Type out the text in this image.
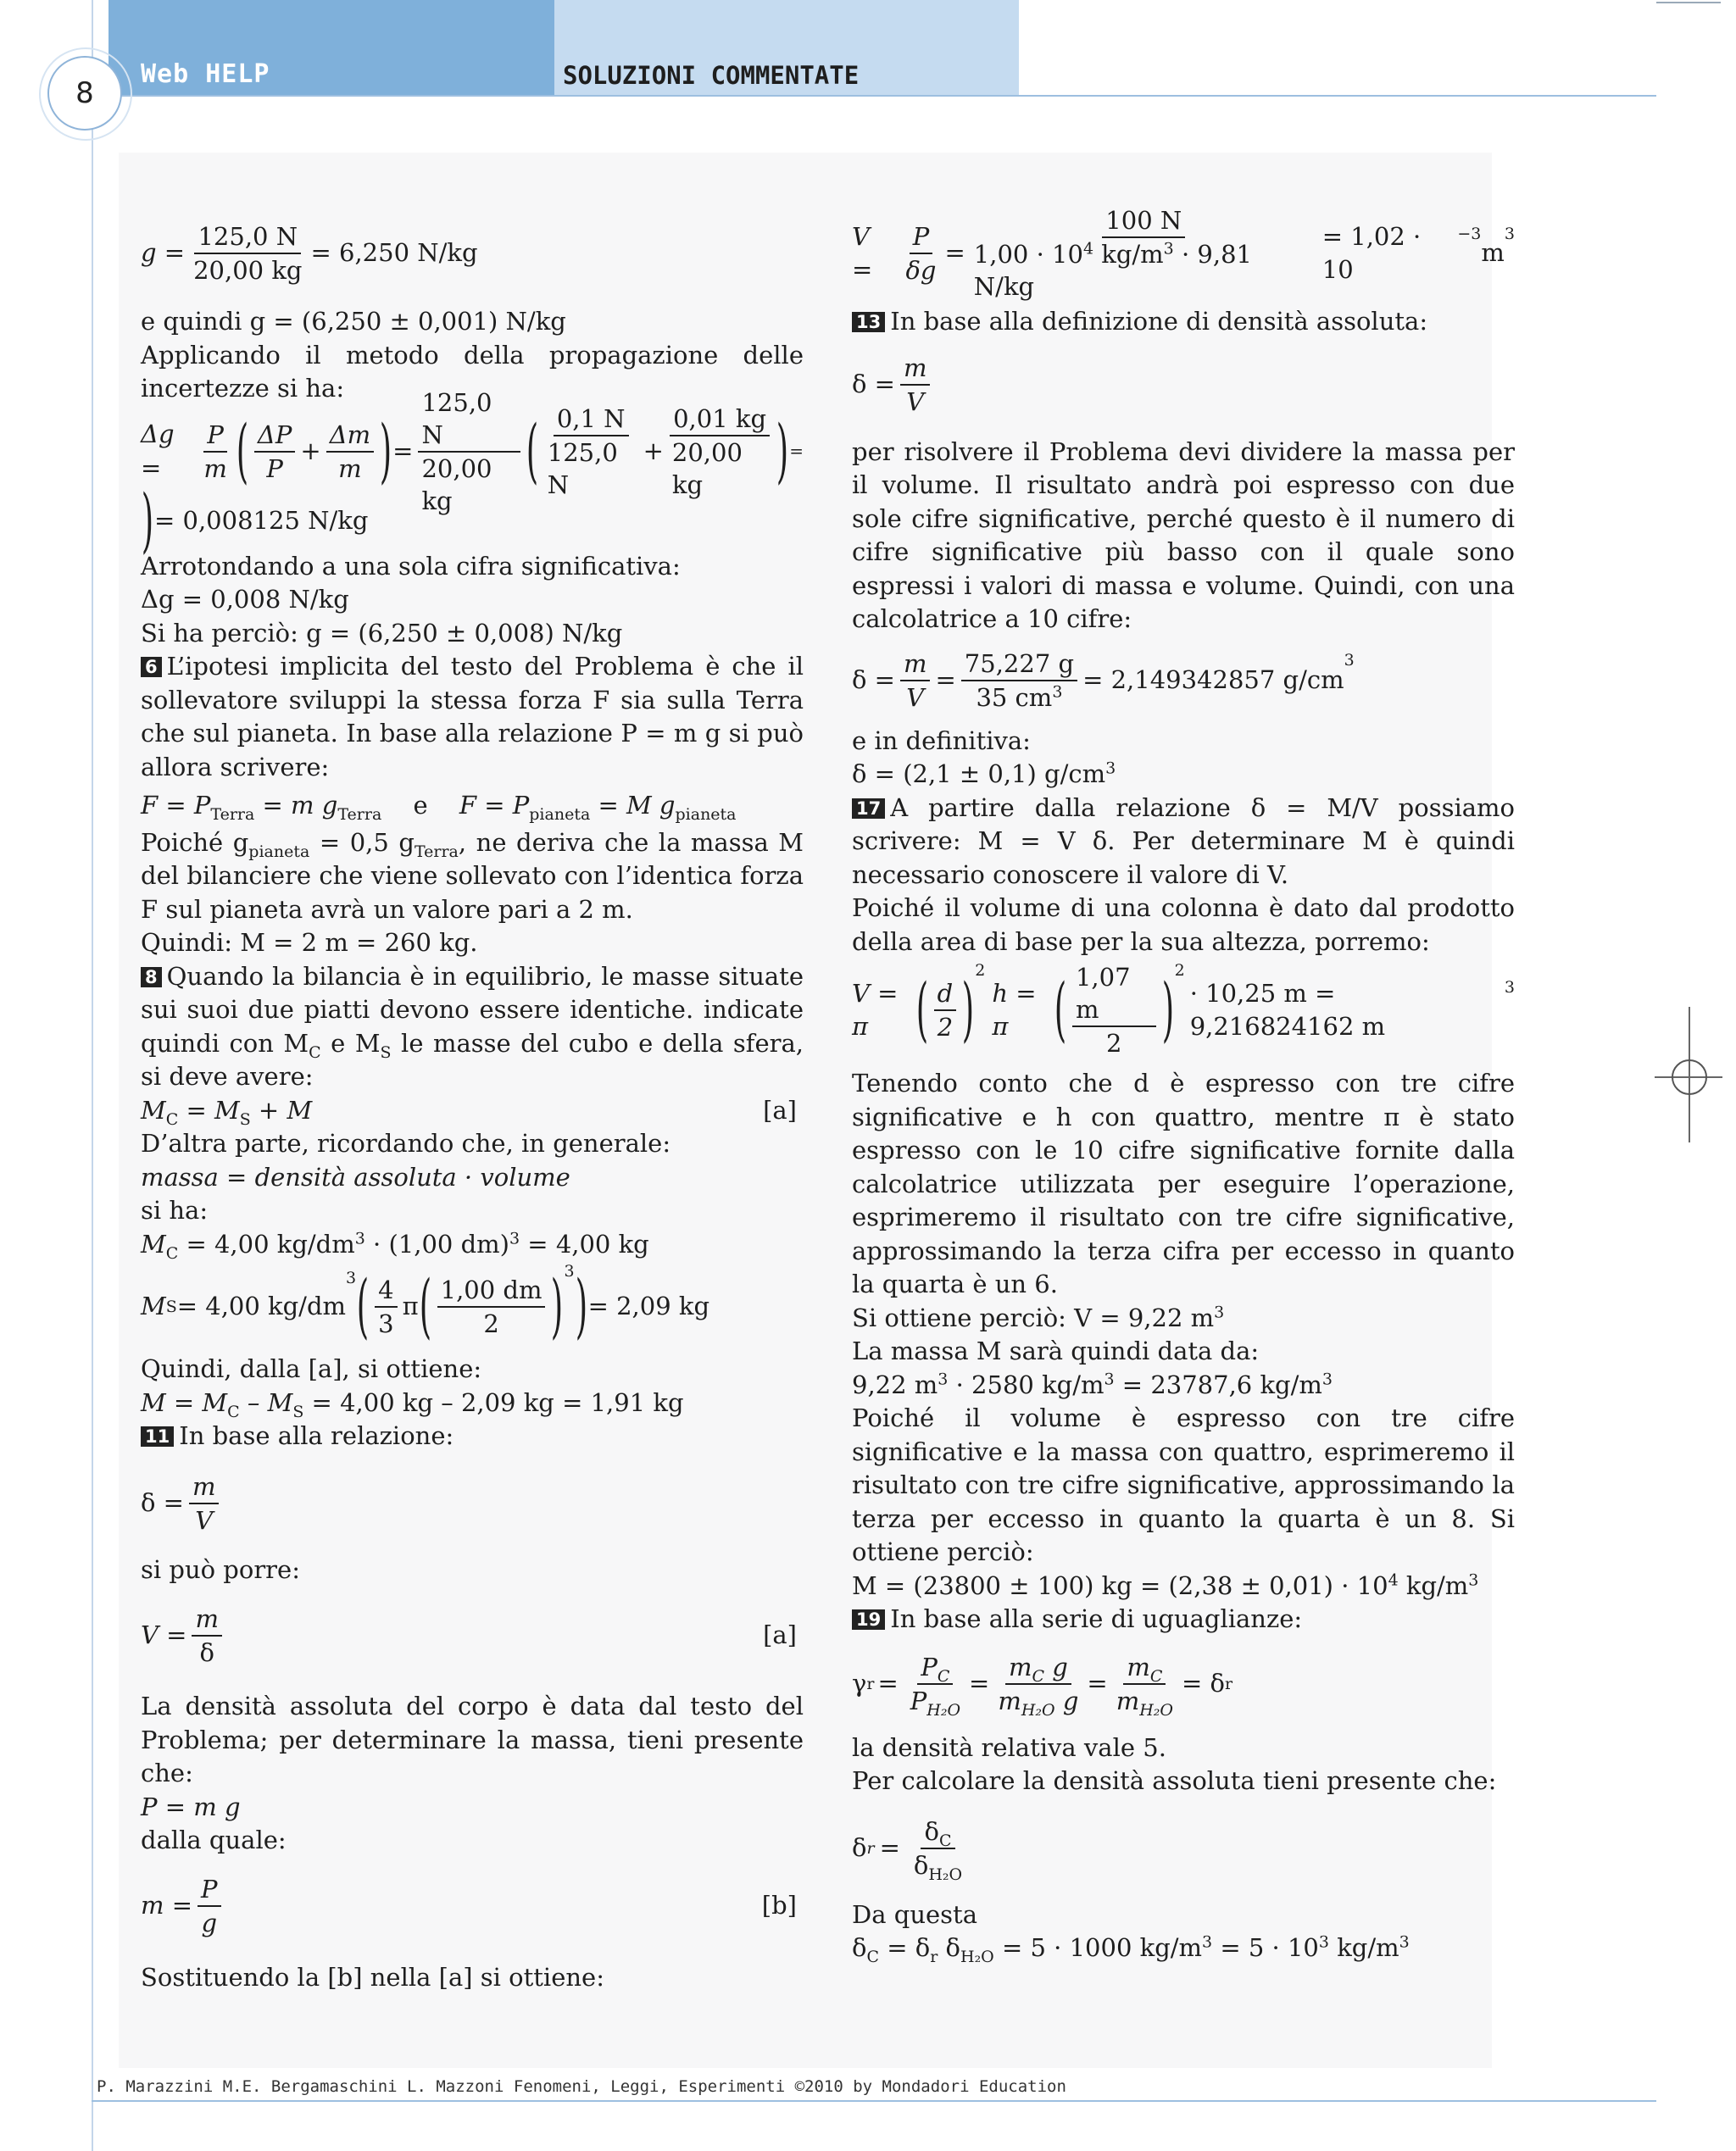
8
Web HELP	SOLUZIONI COMMENTATE
P. Marazzini M.E. Bergamaschini L. Mazzoni Fenomeni, Leggi, Esperimenti ©2010 by Mondadori Education
$g = \frac{125,0 N}{20,00 kg} = 6,250$ N/kg

e quindi g = (6,250 ± 0,001) N/kg

Applicando il metodo della propagazione delle incertezze si ha:

Δg =	$\frac{P}{m}$ ( $\frac{\Delta P}{P} + \frac{\Delta m}{m}$ ) = $\frac{125,0 N}{20,00 kg}$ ( $\frac{0,1 N}{125,0 N} + \frac{0,01 kg}{20,00 kg}$ ) =
) = 0,008125 N/kg

Arrotondando a una sola cifra significativa:

Δg = 0,008 N/kg

Si ha perciò: g = (6,250 ± 0,008) N/kg

6 L’ipotesi implicita del testo del Problema è che il sollevatore sviluppi la stessa forza F sia sulla Terra che sul pianeta. In base alla relazione P = m g si può allora scrivere:

$F = P_{Terra} = m$ $g_{Terra}$ e $F = P_{pianeta} = M$ $g_{pianeta}$

Poiché $g_{pianeta} = 0,5$ $g_{Terra}$, ne deriva che la massa M del bilanciere che viene sollevato con l’identica forza F sul pianeta avrà un valore pari a 2 m.

Quindi: M = 2 m = 260 kg.

8 Quando la bilancia è in equilibrio, le masse situate sui suoi due piatti devono essere identiche. indicate quindi con $M_C$ e $M_S$ le masse del cubo e della sfera, si deve avere:

$M_C = M_S + M$	[a]

D’altra parte, ricordando che, in generale:

massa = densità assoluta · volume

si ha:

$M_C = 4,00$ $kg/dm^3 \cdot (1,00$ dm)$^3$ = 4,00 kg

M S = 4,00 kg/dm
3 ( $\frac{4}{3}$ π ( $\frac{1,00 dm}{2}$ ) 3 ) = 2,09 kg

Quindi, dalla [a], si ottiene:

$M = M_C - M_S = 4,00$ kg – 2,09 kg = 1,91 kg

11 In base alla relazione:

$\delta = \frac{m}{V}$

si può porre:

$V = \frac{m}{\delta}$	[a]

La densità assoluta del corpo è data dal testo del Problema; per determinare la massa, tieni presente che:

P = m g

dalla quale:

$m = \frac{P}{g}$	[b]

Sostituendo la [b] nella [a] si ottiene:

V =	$\frac{P}{\delta g} = \frac{100 N}{1,00 \cdot 10^4 kg/m^3 \cdot 9,81 N/kg} = 1,02 \cdot 10$
−3
m
3

13 In base alla definizione di densità assoluta:

$\delta = \frac{m}{V}$

per risolvere il Problema devi dividere la massa per il volume. Il risultato andrà poi espresso con due sole cifre significative, perché questo è il numero di cifre significative più basso con il quale sono espressi i valori di massa e volume. Quindi, con una calcolatrice a 10 cifre:

$\delta = \frac{m}{V} = \frac{75,227 g}{35 cm^3} = 2,149342857$ g/cm
3

e in definitiva:

δ = (2,1 ± 0,1) $g/cm^3$

17 A partire dalla relazione δ = M/V possiamo scrivere: M = V δ. Per determinare M è quindi necessario conoscere il valore di V.

Poiché il volume di una colonna è dato dal prodotto della area di base per la sua altezza, porremo:

V = π ( $\frac{d}{2}$ ) 2
h = π ( $\frac{1,07 m}{2}$ ) 2
· 10,25 m = 9,216824162 m
3

Tenendo conto che d è espresso con tre cifre significative e h con quattro, mentre π è stato espresso con le 10 cifre significative fornite dalla calcolatrice utilizzata per eseguire l’operazione, esprimeremo il risultato con tre cifre significative, approssimando la terza cifra per eccesso in quanto la quarta è un 6.

Si ottiene perciò: V = 9,22 $m^3$

La massa M sarà quindi data da:

9,22 $m^3 \cdot 2580$ $kg/m^3 = 23787,6$ $kg/m^3$

Poiché il volume è espresso con tre cifre significative e la massa con quattro, esprimeremo il risultato con tre cifre significative, approssimando la terza per eccesso in quanto la quarta è un 8. Si ottiene perciò:

M = (23800 ± 100) kg = $(2,38 \pm 0,01) \cdot 10^4$ $kg/m^3$

19 In base alla serie di uguaglianze:

γ $r = \frac{P_C}{P_{H_2O}} = \frac{m_C g}{m_{H_2O} g} = \frac{m_C}{m_{H_2O}} = \delta$ r

la densità relativa vale 5.

Per calcolare la densità assoluta tieni presente che:

δ $r = \frac{\delta_C}{\delta_{H_2O}}$

Da questa

$\delta_C = \delta_r$ $\delta_{H_2O} = 5 \cdot 1000$ $kg/m^3 = 5 \cdot 10^3$ $kg/m^3$
